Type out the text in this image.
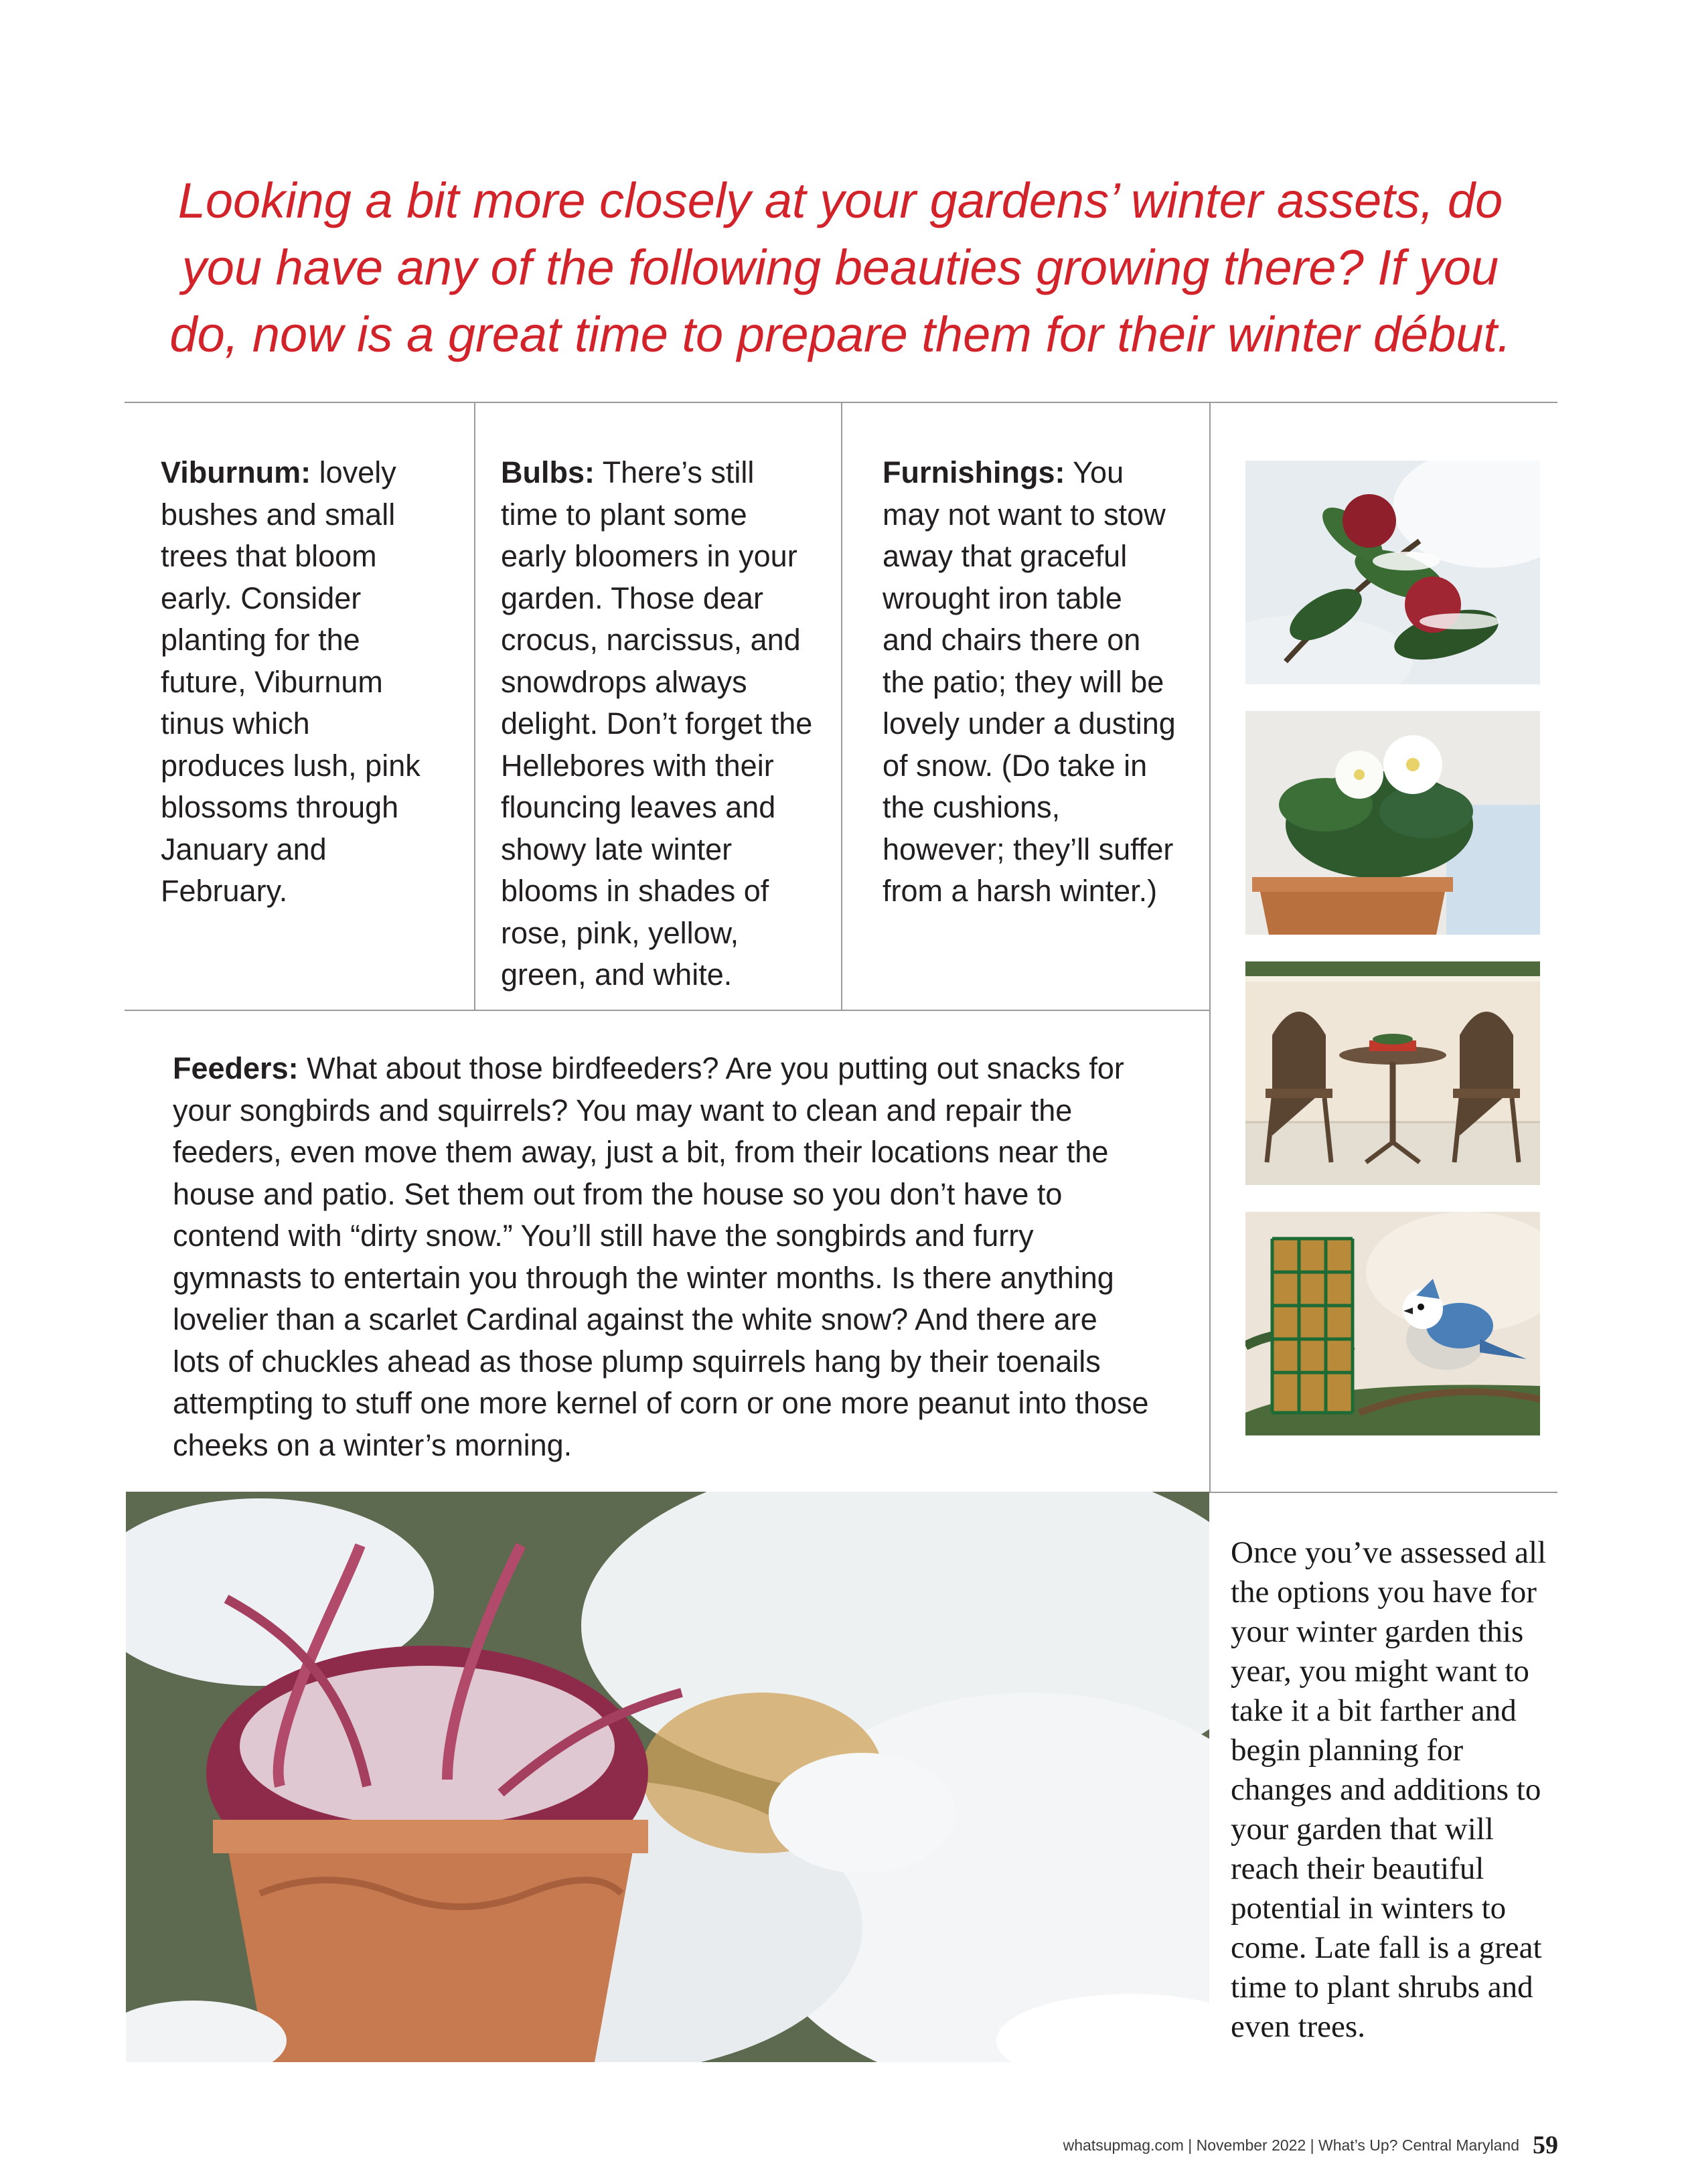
Looking a bit more closely at your gardens’ winter assets, do you have any of the following beauties growing there? If you do, now is a great time to prepare them for their winter début.

Viburnum: lovely bushes and small trees that bloom early. Consider planting for the future, Viburnum tinus which produces lush, pink blossoms through January and February.

Bulbs: There’s still time to plant some early bloomers in your garden. Those dear crocus, narcissus, and snowdrops always delight. Don’t forget the Hellebores with their flouncing leaves and showy late winter blooms in shades of rose, pink, yellow, green, and white.

Furnishings: You may not want to stow away that graceful wrought iron table and chairs there on the patio; they will be lovely under a dusting of snow. (Do take in the cushions, however; they’ll suffer from a harsh winter.)

Feeders: What about those birdfeeders? Are you putting out snacks for your songbirds and squirrels? You may want to clean and repair the feeders, even move them away, just a bit, from their locations near the house and patio. Set them out from the house so you don’t have to contend with “dirty snow.” You’ll still have the songbirds and furry gymnasts to entertain you through the winter months. Is there anything lovelier than a scarlet Cardinal against the white snow? And there are lots of chuckles ahead as those plump squirrels hang by their toenails attempting to stuff one more kernel of corn or one more peanut into those cheeks on a winter’s morning.

Once you’ve assessed all the options you have for your winter garden this year, you might want to take it a bit farther and begin planning for changes and additions to your garden that will reach their beautiful potential in winters to come. Late fall is a great time to plant shrubs and even trees.

whatsupmag.com | November 2022 | What’s Up? Central Maryland 59
